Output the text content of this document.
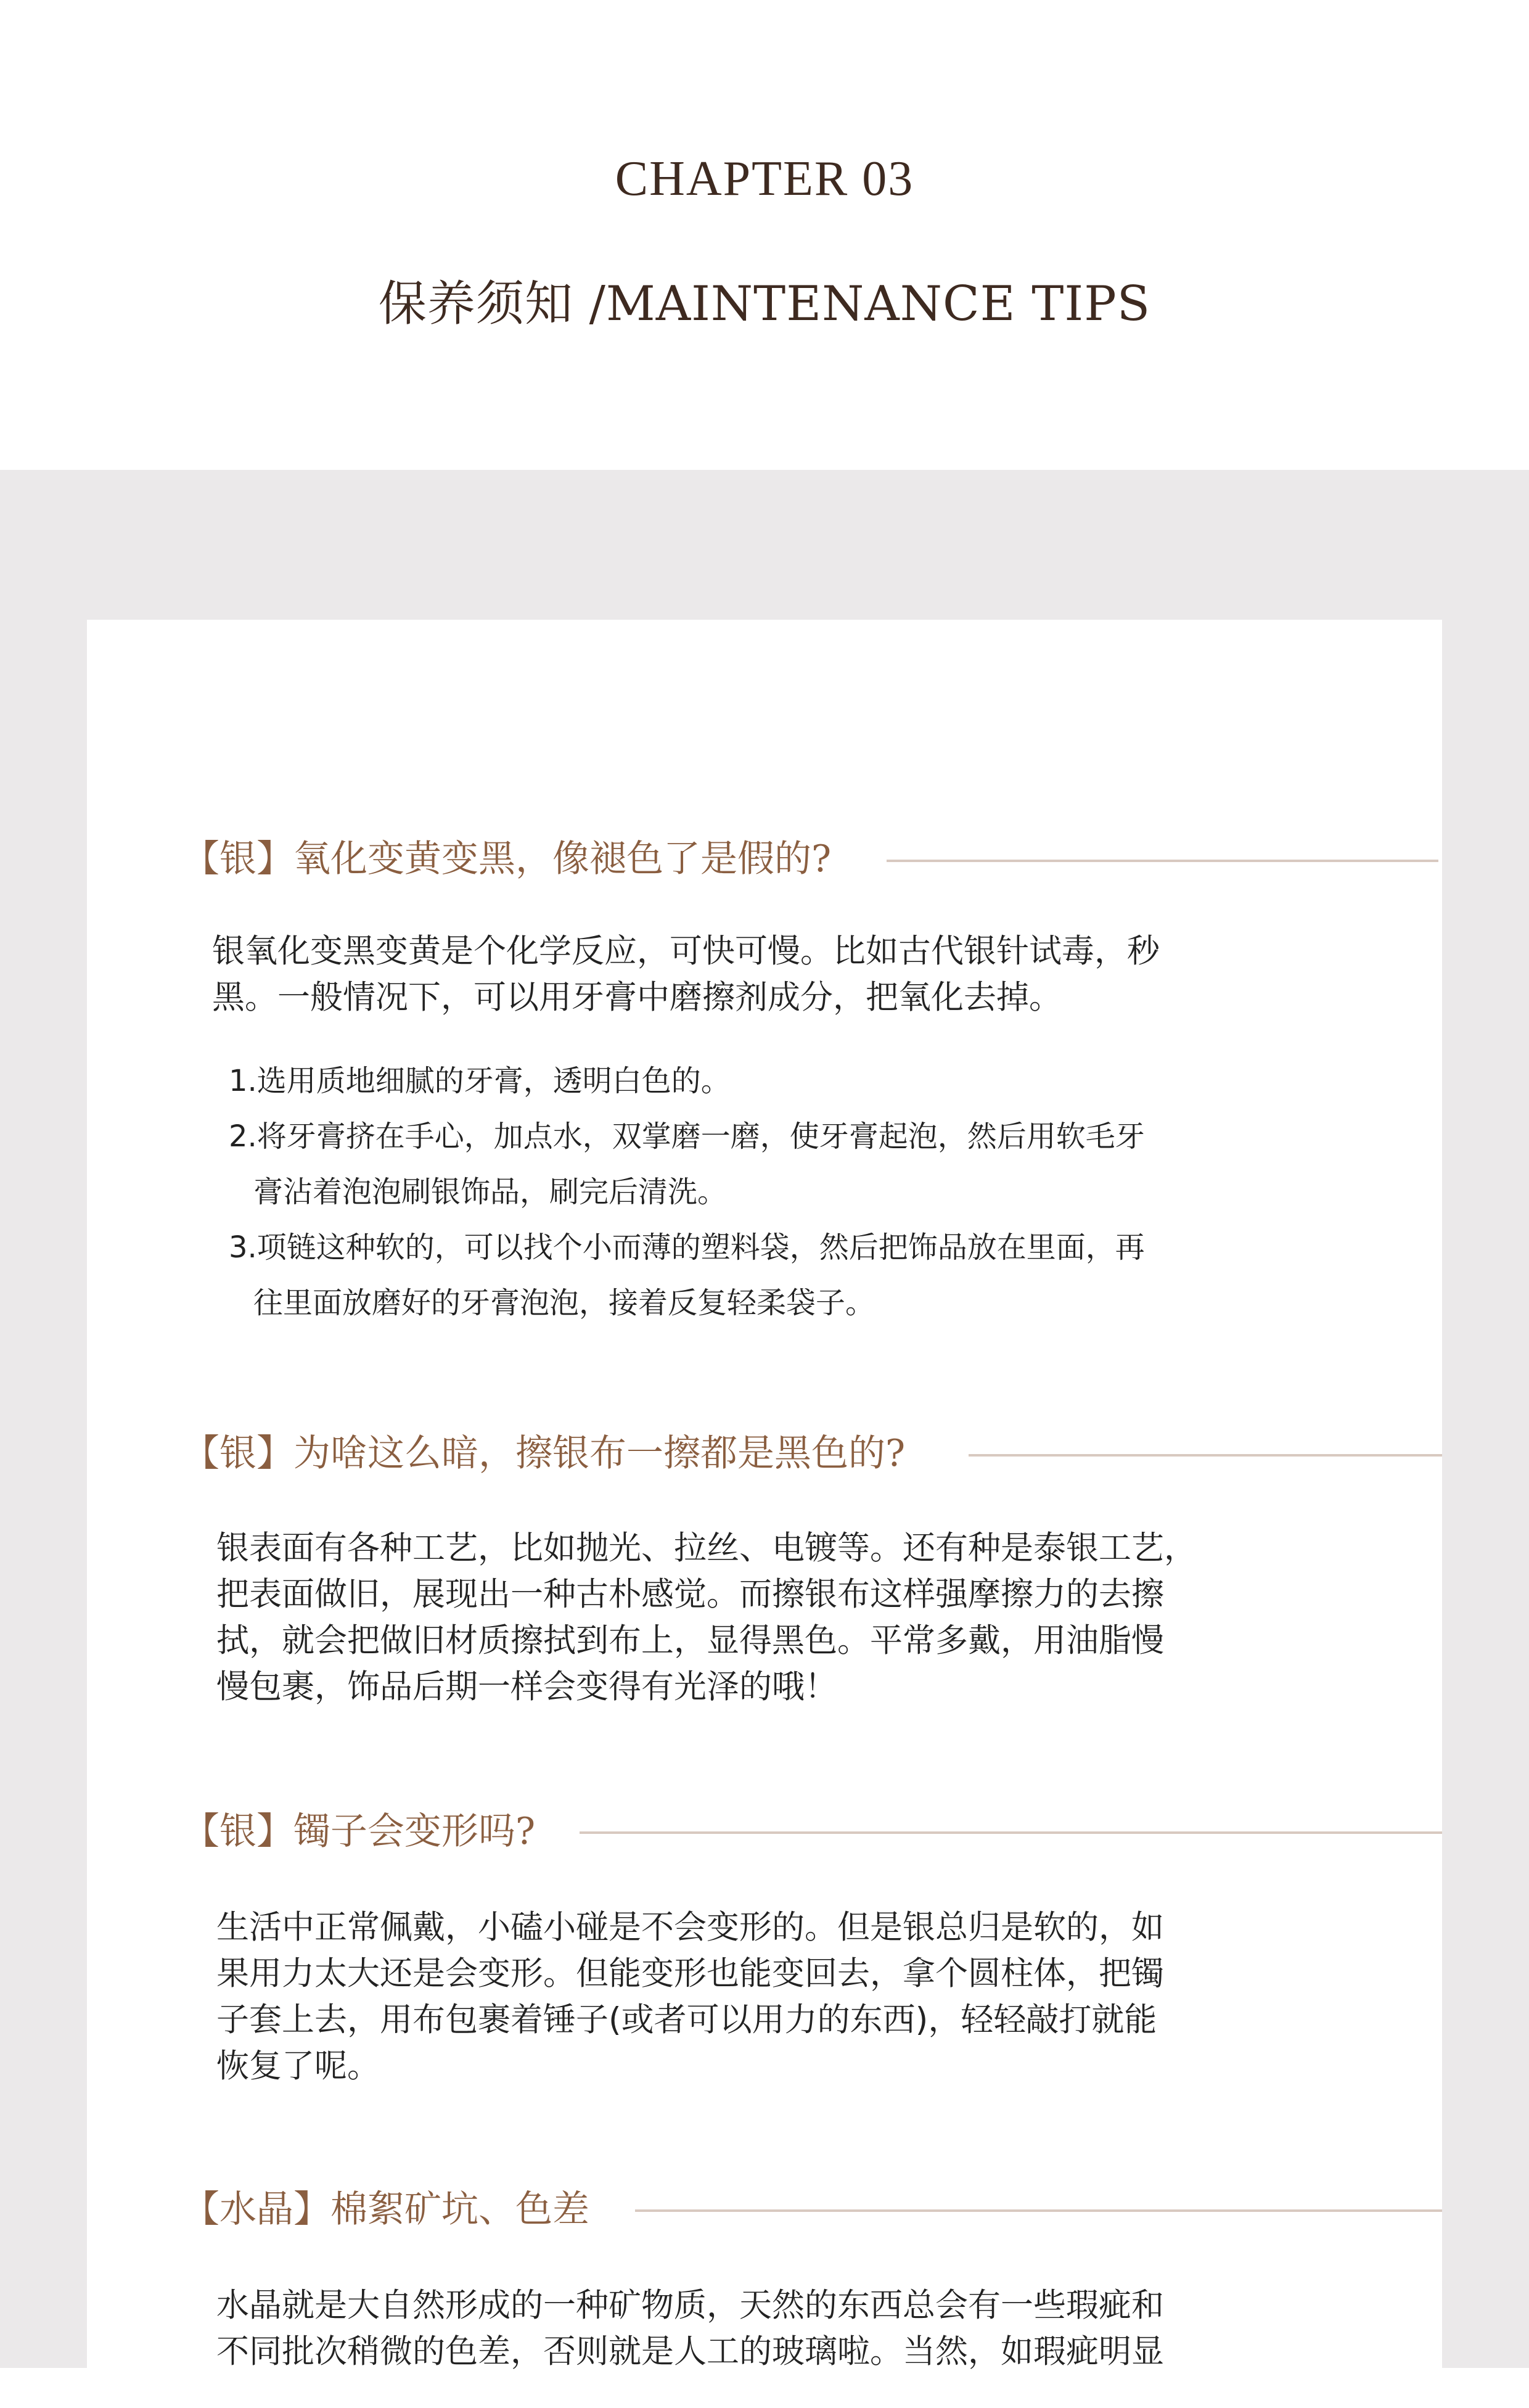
CHAPTER 03
保养须知 /MAINTENANCE TIPS
【银】氧化变黄变黑，像褪色了是假的?
银氧化变黑变黄是个化学反应，可快可慢。比如古代银针试毒，秒
黑。一般情况下，可以用牙膏中磨擦剂成分，把氧化去掉。
1.选用质地细腻的牙膏，透明白色的。
2.将牙膏挤在手心，加点水，双掌磨一磨，使牙膏起泡，然后用软毛牙
膏沾着泡泡刷银饰品，刷完后清洗。
3.项链这种软的，可以找个小而薄的塑料袋，然后把饰品放在里面，再
往里面放磨好的牙膏泡泡，接着反复轻柔袋子。
【银】为啥这么暗，擦银布一擦都是黑色的?
银表面有各种工艺，比如抛光、拉丝、电镀等。还有种是泰银工艺，
把表面做旧，展现出一种古朴感觉。而擦银布这样强摩擦力的去擦
拭，就会把做旧材质擦拭到布上，显得黑色。平常多戴，用油脂慢
慢包裹，饰品后期一样会变得有光泽的哦！
【银】镯子会变形吗?
生活中正常佩戴，小磕小碰是不会变形的。但是银总归是软的，如
果用力太大还是会变形。但能变形也能变回去，拿个圆柱体，把镯
子套上去，用布包裹着锤子(或者可以用力的东西)，轻轻敲打就能
恢复了呢。
【水晶】棉絮矿坑、色差
水晶就是大自然形成的一种矿物质，天然的东西总会有一些瑕疵和
不同批次稍微的色差，否则就是人工的玻璃啦。当然，如瑕疵明显
